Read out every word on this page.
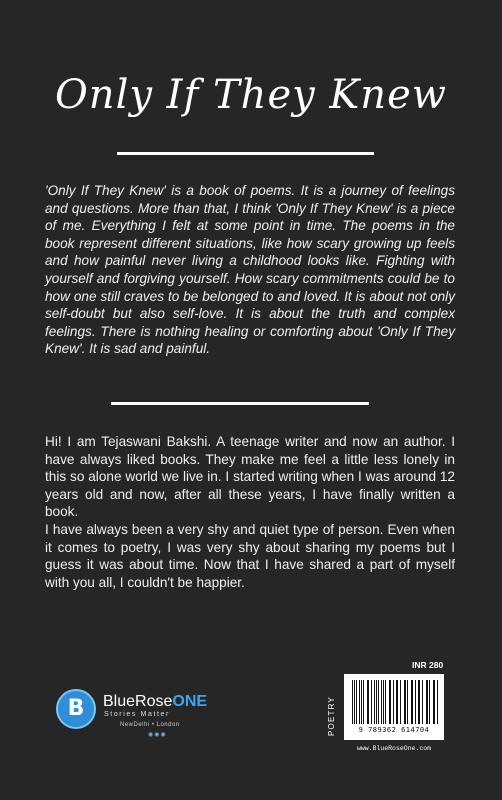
Only If They Knew

'Only If They Knew' is a book of poems. It is a journey of feelings and questions. More than that, I think 'Only If They Knew' is a piece of me. Everything I felt at some point in time. The poems in the book represent different situations, like how scary growing up feels and how painful never living a childhood looks like. Fighting with yourself and forgiving yourself. How scary commitments could be to how one still craves to be belonged to and loved. It is about not only self-doubt but also self-love. It is about the truth and complex feelings. There is nothing healing or comforting about 'Only If They Knew'. It is sad and painful.

Hi! I am Tejaswani Bakshi. A teenage writer and now an author. I have always liked books. They make me feel a little less lonely in this so alone world we live in. I started writing when I was around 12 years old and now, after all these years, I have finally written a book.

I have always been a very shy and quiet type of person. Even when it comes to poetry, I was very shy about sharing my poems but I guess it was about time. Now that I have shared a part of myself with you all, I couldn't be happier.

B	BlueRoseONE
Stories Matter
NewDelhi • London
◉◉◉
INR 280
POETRY	9 789362 614704
www.BlueRoseOne.com
